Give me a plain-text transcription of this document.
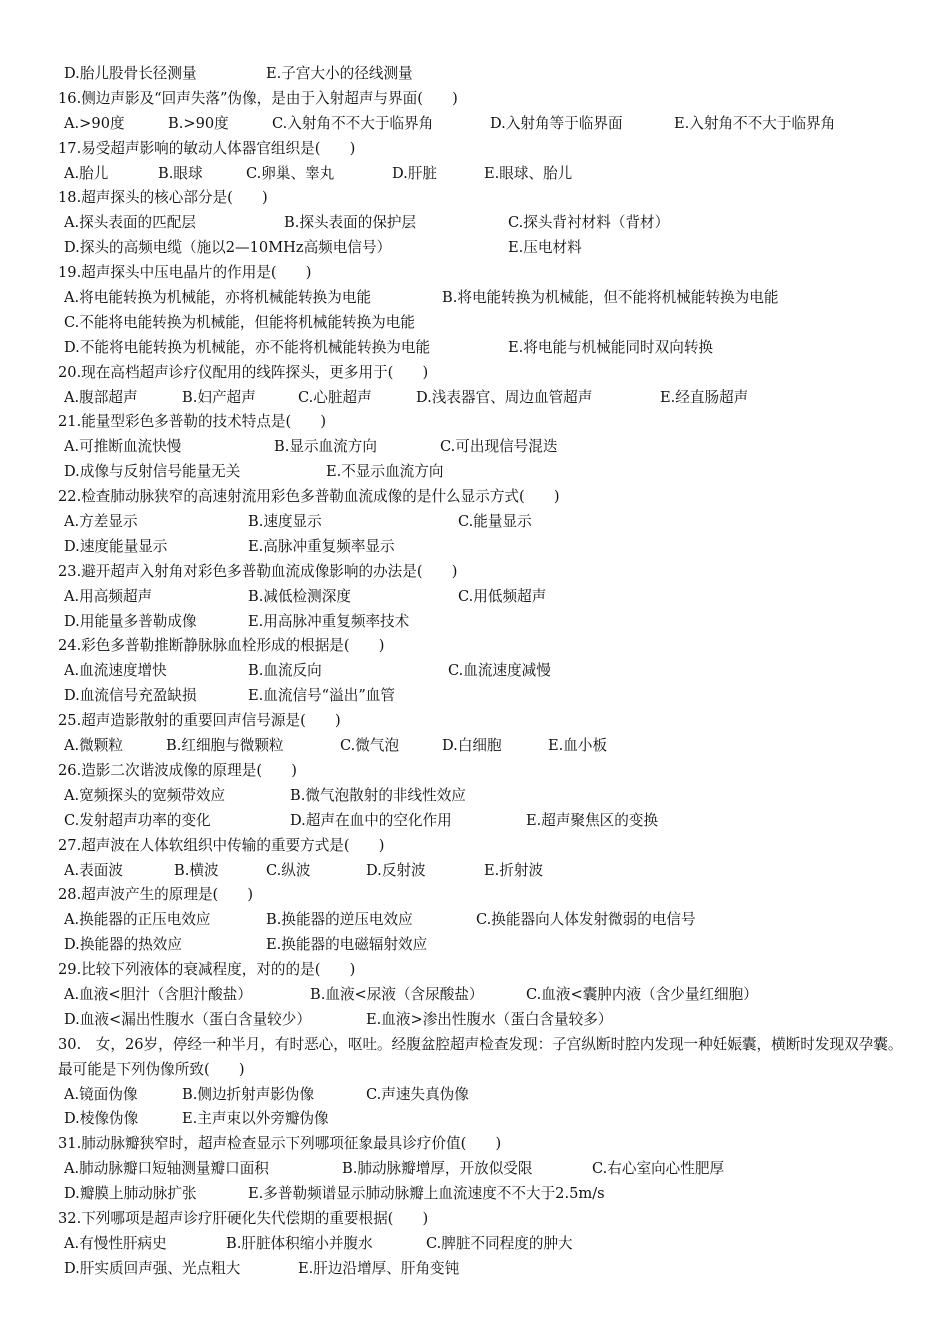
D.胎儿股骨长径测量	E.子宫大小的径线测量
16.侧边声影及“回声失落”伪像，是由于入射超声与界面(　　)
A.>90度	B.>90度	C.入射角不不大于临界角	D.入射角等于临界面	E.入射角不不大于临界角
17.易受超声影响的敏动人体器官组织是(　　)
A.胎儿	B.眼球	C.卵巢、睾丸	D.肝脏	E.眼球、胎儿
18.超声探头的核心部分是(　　)
A.探头表面的匹配层	B.探头表面的保护层	C.探头背衬材料（背材）
D.探头的高频电缆（施以2—10MHz高频电信号）	E.压电材料
19.超声探头中压电晶片的作用是(　　)
A.将电能转换为机械能，亦将机械能转换为电能	B.将电能转换为机械能，但不能将机械能转换为电能
C.不能将电能转换为机械能，但能将机械能转换为电能
D.不能将电能转换为机械能，亦不能将机械能转换为电能	E.将电能与机械能同时双向转换
20.现在高档超声诊疗仪配用的线阵探头，更多用于(　　)
A.腹部超声	B.妇产超声	C.心脏超声	D.浅表器官、周边血管超声	E.经直肠超声
21.能量型彩色多普勒的技术特点是(　　)
A.可推断血流快慢	B.显示血流方向	C.可出现信号混迭
D.成像与反射信号能量无关	E.不显示血流方向
22.检查肺动脉狭窄的高速射流用彩色多普勒血流成像的是什么显示方式(　　)
A.方差显示	B.速度显示	C.能量显示
D.速度能量显示	E.高脉冲重复频率显示
23.避开超声入射角对彩色多普勒血流成像影响的办法是(　　)
A.用高频超声	B.减低检测深度	C.用低频超声
D.用能量多普勒成像	E.用高脉冲重复频率技术
24.彩色多普勒推断静脉脉血栓形成的根据是(　　)
A.血流速度增快	B.血流反向	C.血流速度减慢
D.血流信号充盈缺损	E.血流信号“溢出”血管
25.超声造影散射的重要回声信号源是(　　)
A.微颗粒	B.红细胞与微颗粒	C.微气泡	D.白细胞	E.血小板
26.造影二次谐波成像的原理是(　　)
A.宽频探头的宽频带效应	B.微气泡散射的非线性效应
C.发射超声功率的变化	D.超声在血中的空化作用	E.超声聚焦区的变换
27.超声波在人体软组织中传输的重要方式是(　　)
A.表面波	B.横波	C.纵波	D.反射波	E.折射波
28.超声波产生的原理是(　　)
A.换能器的正压电效应	B.换能器的逆压电效应	C.换能器向人体发射微弱的电信号
D.换能器的热效应	E.换能器的电磁辐射效应
29.比较下列液体的衰减程度，对的的是(　　)
A.血液<胆汁（含胆汁酸盐）	B.血液<尿液（含尿酸盐）	C.血液<囊肿内液（含少量红细胞）
D.血液<漏出性腹水（蛋白含量较少）	E.血液>渗出性腹水（蛋白含量较多）
30.　女，26岁，停经一种半月，有时恶心，呕吐。经腹盆腔超声检查发现：子宫纵断时腔内发现一种妊娠囊，横断时发现双孕囊。最可能是下列伪像所致(　　)
A.镜面伪像	B.侧边折射声影伪像	C.声速失真伪像
D.棱像伪像	E.主声束以外旁瓣伪像
31.肺动脉瓣狭窄时，超声检查显示下列哪项征象最具诊疗价值(　　)
A.肺动脉瓣口短轴测量瓣口面积	B.肺动脉瓣增厚，开放似受限	C.右心室向心性肥厚
D.瓣膜上肺动脉扩张	E.多普勒频谱显示肺动脉瓣上血流速度不不大于2.5m/s
32.下列哪项是超声诊疗肝硬化失代偿期的重要根据(　　)
A.有慢性肝病史	B.肝脏体积缩小并腹水	C.脾脏不同程度的肿大
D.肝实质回声强、光点粗大	E.肝边沿增厚、肝角变钝
